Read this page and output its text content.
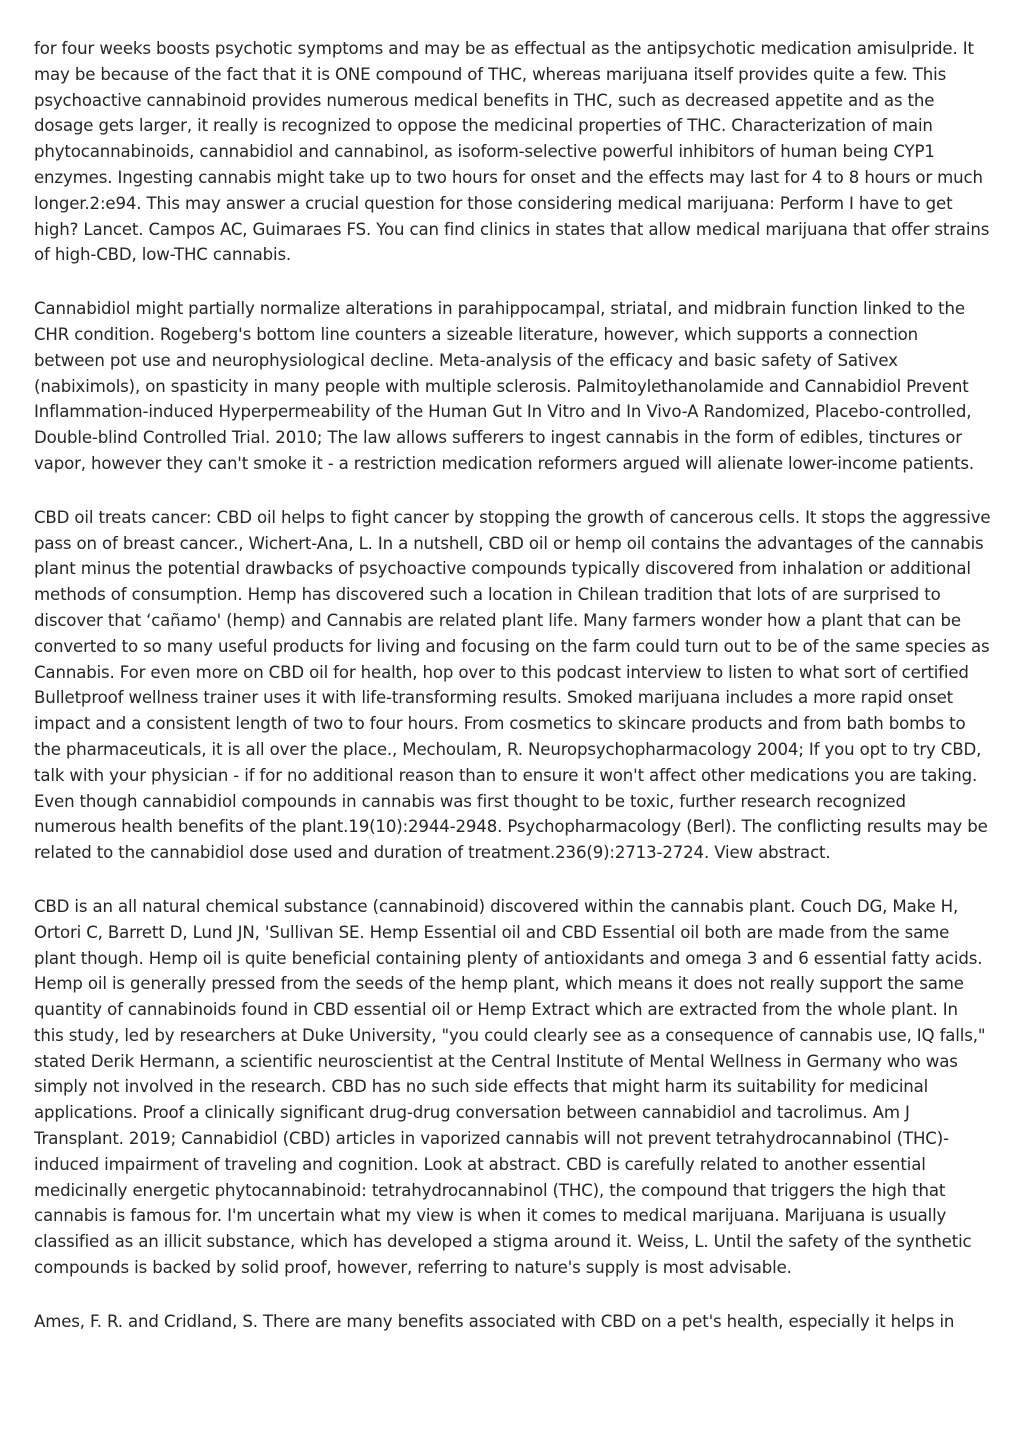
for four weeks boosts psychotic symptoms and may be as effectual as the antipsychotic medication amisulpride. It may be because of the fact that it is ONE compound of THC, whereas marijuana itself provides quite a few. This psychoactive cannabinoid provides numerous medical benefits in THC, such as decreased appetite and as the dosage gets larger, it really is recognized to oppose the medicinal properties of THC. Characterization of main phytocannabinoids, cannabidiol and cannabinol, as isoform-selective powerful inhibitors of human being CYP1 enzymes. Ingesting cannabis might take up to two hours for onset and the effects may last for 4 to 8 hours or much longer.2:e94. This may answer a crucial question for those considering medical marijuana: Perform I have to get high? Lancet. Campos AC, Guimaraes FS. You can find clinics in states that allow medical marijuana that offer strains of high-CBD, low-THC cannabis.

Cannabidiol might partially normalize alterations in parahippocampal, striatal, and midbrain function linked to the CHR condition. Rogeberg's bottom line counters a sizeable literature, however, which supports a connection between pot use and neurophysiological decline. Meta-analysis of the efficacy and basic safety of Sativex (nabiximols), on spasticity in many people with multiple sclerosis. Palmitoylethanolamide and Cannabidiol Prevent Inflammation-induced Hyperpermeability of the Human Gut In Vitro and In Vivo-A Randomized, Placebo-controlled, Double-blind Controlled Trial. 2010; The law allows sufferers to ingest cannabis in the form of edibles, tinctures or vapor, however they can't smoke it - a restriction medication reformers argued will alienate lower-income patients.

CBD oil treats cancer: CBD oil helps to fight cancer by stopping the growth of cancerous cells. It stops the aggressive pass on of breast cancer., Wichert-Ana, L. In a nutshell, CBD oil or hemp oil contains the advantages of the cannabis plant minus the potential drawbacks of psychoactive compounds typically discovered from inhalation or additional methods of consumption. Hemp has discovered such a location in Chilean tradition that lots of are surprised to discover that ‘cañamo' (hemp) and Cannabis are related plant life. Many farmers wonder how a plant that can be converted to so many useful products for living and focusing on the farm could turn out to be of the same species as Cannabis. For even more on CBD oil for health, hop over to this podcast interview to listen to what sort of certified Bulletproof wellness trainer uses it with life-transforming results. Smoked marijuana includes a more rapid onset impact and a consistent length of two to four hours. From cosmetics to skincare products and from bath bombs to the pharmaceuticals, it is all over the place., Mechoulam, R. Neuropsychopharmacology 2004; If you opt to try CBD, talk with your physician - if for no additional reason than to ensure it won't affect other medications you are taking. Even though cannabidiol compounds in cannabis was first thought to be toxic, further research recognized numerous health benefits of the plant.19(10):2944-2948. Psychopharmacology (Berl). The conflicting results may be related to the cannabidiol dose used and duration of treatment.236(9):2713-2724. View abstract.

CBD is an all natural chemical substance (cannabinoid) discovered within the cannabis plant. Couch DG, Make H, Ortori C, Barrett D, Lund JN, 'Sullivan SE. Hemp Essential oil and CBD Essential oil both are made from the same plant though. Hemp oil is quite beneficial containing plenty of antioxidants and omega 3 and 6 essential fatty acids. Hemp oil is generally pressed from the seeds of the hemp plant, which means it does not really support the same quantity of cannabinoids found in CBD essential oil or Hemp Extract which are extracted from the whole plant. In this study, led by researchers at Duke University, "you could clearly see as a consequence of cannabis use, IQ falls," stated Derik Hermann, a scientific neuroscientist at the Central Institute of Mental Wellness in Germany who was simply not involved in the research. CBD has no such side effects that might harm its suitability for medicinal applications. Proof a clinically significant drug-drug conversation between cannabidiol and tacrolimus. Am J Transplant. 2019; Cannabidiol (CBD) articles in vaporized cannabis will not prevent tetrahydrocannabinol (THC)-induced impairment of traveling and cognition. Look at abstract. CBD is carefully related to another essential medicinally energetic phytocannabinoid: tetrahydrocannabinol (THC), the compound that triggers the high that cannabis is famous for. I'm uncertain what my view is when it comes to medical marijuana. Marijuana is usually classified as an illicit substance, which has developed a stigma around it. Weiss, L. Until the safety of the synthetic compounds is backed by solid proof, however, referring to nature's supply is most advisable.

Ames, F. R. and Cridland, S. There are many benefits associated with CBD on a pet's health, especially it helps in
